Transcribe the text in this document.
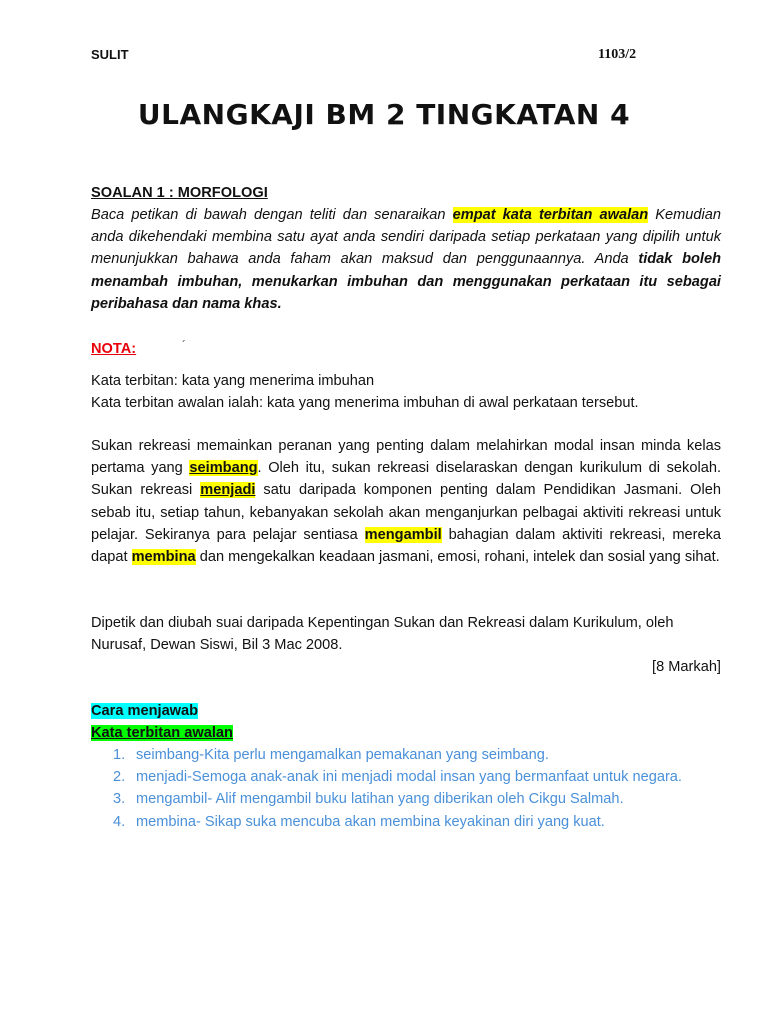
SULIT	1103/2
ULANGKAJI BM 2 TINGKATAN 4
SOALAN 1 : MORFOLOGI
Baca petikan di bawah dengan teliti dan senaraikan empat kata terbitan awalan Kemudian anda dikehendaki membina satu ayat anda sendiri daripada setiap perkataan yang dipilih untuk menunjukkan bahawa anda faham akan maksud dan penggunaannya. Anda tidak boleh menambah imbuhan, menukarkan imbuhan dan menggunakan perkataan itu sebagai peribahasa dan nama khas.
NOTA:	´
Kata terbitan: kata yang menerima imbuhan
Kata terbitan awalan ialah: kata yang menerima imbuhan di awal perkataan tersebut.
Sukan rekreasi memainkan peranan yang penting dalam melahirkan modal insan minda kelas pertama yang seimbang. Oleh itu, sukan rekreasi diselaraskan dengan kurikulum di sekolah. Sukan rekreasi menjadi satu daripada komponen penting dalam Pendidikan Jasmani. Oleh sebab itu, setiap tahun, kebanyakan sekolah akan menganjurkan pelbagai aktiviti rekreasi untuk pelajar. Sekiranya para pelajar sentiasa mengambil bahagian dalam aktiviti rekreasi, mereka dapat membina dan mengekalkan keadaan jasmani, emosi, rohani, intelek dan sosial yang sihat.
Dipetik dan diubah suai daripada Kepentingan Sukan dan Rekreasi dalam Kurikulum, oleh Nurusaf, Dewan Siswi, Bil 3 Mac 2008.
[8 Markah]
Cara menjawab
Kata terbitan awalan
1. seimbang-Kita perlu mengamalkan pemakanan yang seimbang.
2. menjadi-Semoga anak-anak ini menjadi modal insan yang bermanfaat untuk negara.
3. mengambil- Alif mengambil buku latihan yang diberikan oleh Cikgu Salmah.
4. membina- Sikap suka mencuba akan membina keyakinan diri yang kuat.
